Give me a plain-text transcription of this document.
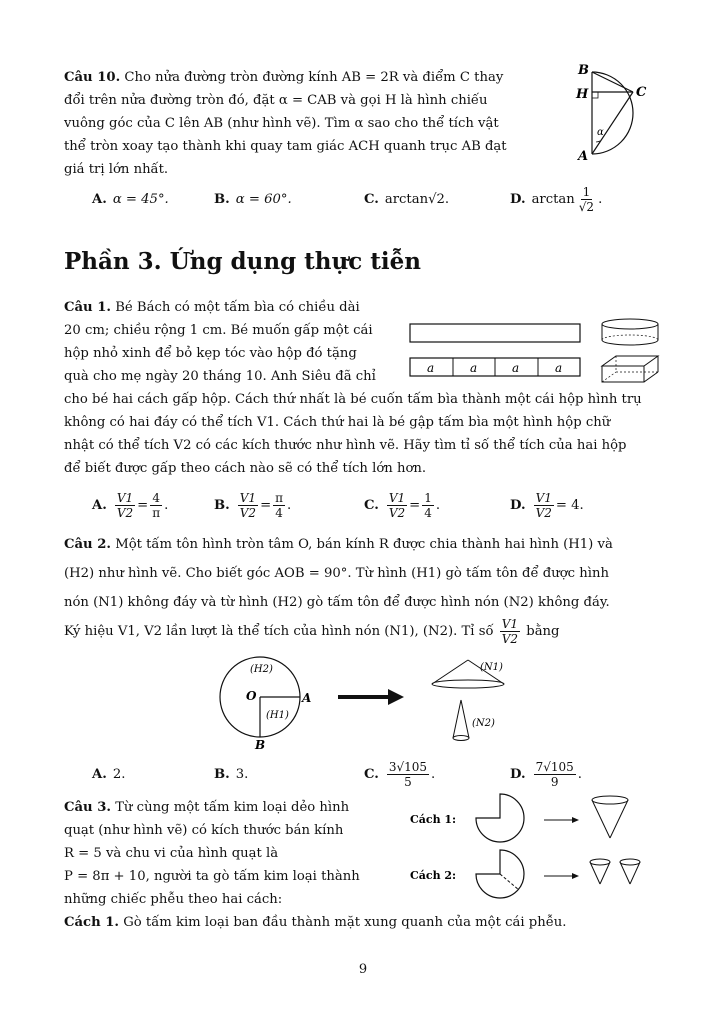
Câu 10. Cho nửa đường tròn đường kính AB = 2R và điểm C thay
đổi trên nửa đường tròn đó, đặt α = CAB và gọi H là hình chiếu
vuông góc của C lên AB (như hình vẽ). Tìm α sao cho thể tích vật
thể tròn xoay tạo thành khi quay tam giác ACH quanh trục AB đạt
giá trị lớn nhất.
B
H	C
α
A
A. α = 45°.	B. α = 60°.	C. arctan√2.	D. $\arctan \frac{1}{√2}$ .
Phần 3. Ứng dụng thực tiễn
Câu 1. Bé Bách có một tấm bìa có chiều dài
20 cm; chiều rộng 1 cm. Bé muốn gấp một cái
hộp nhỏ xinh để bỏ kẹp tóc vào hộp đó tặng
quà cho mẹ ngày 20 tháng 10. Anh Siêu đã chỉ
a	a	a	a
cho bé hai cách gấp hộp. Cách thứ nhất là bé cuốn tấm bìa thành một cái hộp hình trụ
không có hai đáy có thể tích V1. Cách thứ hai là bé gập tấm bìa một hình hộp chữ
nhật có thể tích V2 có các kích thước như hình vẽ. Hãy tìm tỉ số thể tích của hai hộp
để biết được gấp theo cách nào sẽ có thể tích lớn hơn.
A. $\frac{V1}{V2} = \frac{4}{\pi}$ .	B. $\frac{V1}{V2} = \frac{\pi}{4}$ .	C. $\frac{V1}{V2} = \frac{1}{4}$ .	D. $\frac{V1}{V2} = 4$.
Câu 2. Một tấm tôn hình tròn tâm O, bán kính R được chia thành hai hình (H1) và
(H2) như hình vẽ. Cho biết góc AOB = 90°. Từ hình (H1) gò tấm tôn để được hình
nón (N1) không đáy và từ hình (H2) gò tấm tôn để được hình nón (N2) không đáy.
Ký hiệu V1, V2 lần lượt là thể tích của hình nón (N1), (N2). Tỉ số $\frac{V1}{V2}$ bằng
(H2)
O	A
(H1)
B
(N1)
(N2)
A. 2.	B. 3.	C. $\frac{3√105}{5}$ .	D. $\frac{7√105}{9}$ .
Câu 3. Từ cùng một tấm kim loại dẻo hình
quạt (như hình vẽ) có kích thước bán kính
R = 5 và chu vi của hình quạt là
P = 8π + 10, người ta gò tấm kim loại thành
những chiếc phễu theo hai cách:
Cách 1:
Cách 2:
Cách 1. Gò tấm kim loại ban đầu thành mặt xung quanh của một cái phễu.
9
